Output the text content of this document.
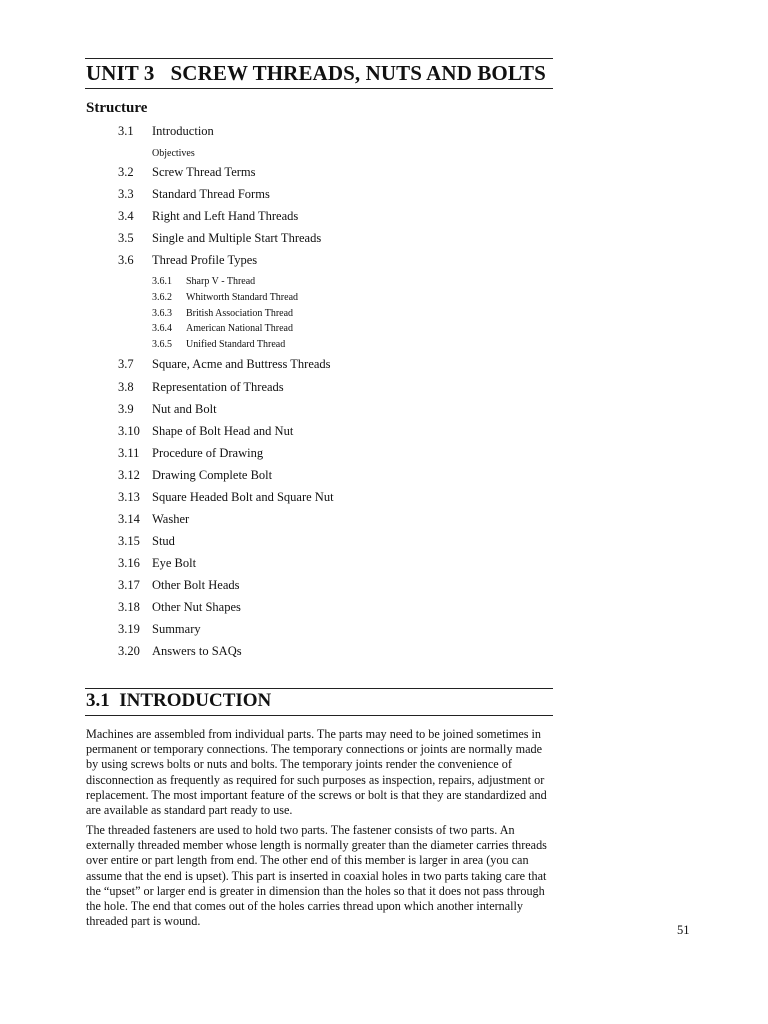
UNIT 3   SCREW THREADS, NUTS AND BOLTS
Structure
3.1 Introduction
Objectives
3.2 Screw Thread Terms
3.3 Standard Thread Forms
3.4 Right and Left Hand Threads
3.5 Single and Multiple Start Threads
3.6 Thread Profile Types
3.6.1 Sharp V - Thread
3.6.2 Whitworth Standard Thread
3.6.3 British Association Thread
3.6.4 American National Thread
3.6.5 Unified Standard Thread
3.7 Square, Acme and Buttress Threads
3.8 Representation of Threads
3.9 Nut and Bolt
3.10 Shape of Bolt Head and Nut
3.11 Procedure of Drawing
3.12 Drawing Complete Bolt
3.13 Square Headed Bolt and Square Nut
3.14 Washer
3.15 Stud
3.16 Eye Bolt
3.17 Other Bolt Heads
3.18 Other Nut Shapes
3.19 Summary
3.20 Answers to SAQs
3.1  INTRODUCTION
Machines are assembled from individual parts. The parts may need to be joined sometimes in permanent or temporary connections. The temporary connections or joints are normally made by using screws bolts or nuts and bolts. The temporary joints render the convenience of disconnection as frequently as required for such purposes as inspection, repairs, adjustment or replacement. The most important feature of the screws or bolt is that they are standardized and are available as standard part ready to use.
The threaded fasteners are used to hold two parts. The fastener consists of two parts. An externally threaded member whose length is normally greater than the diameter carries threads over entire or part length from end. The other end of this member is larger in area (you can assume that the end is upset). This part is inserted in coaxial holes in two parts taking care that the “upset” or larger end is greater in dimension than the holes so that it does not pass through the hole. The end that comes out of the holes carries thread upon which another internally threaded part is wound.
51
